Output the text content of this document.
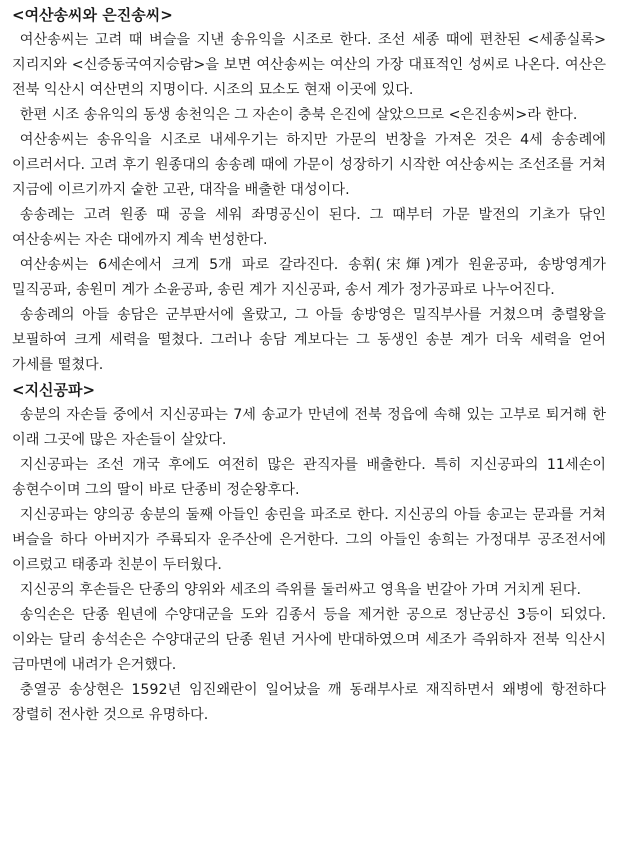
<여산송씨와 은진송씨>

여산송씨는 고려 때 벼슬을 지낸 송유익을 시조로 한다. 조선 세종 때에 편찬된 <세종실록>지리지와 <신증동국여지승람>을 보면 여산송씨는 여산의 가장 대표적인 성씨로 나온다. 여산은 전북 익산시 여산면의 지명이다. 시조의 묘소도 현재 이곳에 있다.

한편 시조 송유익의 동생 송천익은 그 자손이 충북 은진에 살았으므로 <은진송씨>라 한다.

여산송씨는 송유익을 시조로 내세우기는 하지만 가문의 번창을 가져온 것은 4세 송송례에 이르러서다. 고려 후기 원종대의 송송례 때에 가문이 성장하기 시작한 여산송씨는 조선조를 거쳐 지금에 이르기까지 숱한 고관, 대작을 배출한 대성이다.

송송례는 고려 원종 때 공을 세워 좌명공신이 된다. 그 때부터 가문 발전의 기초가 닦인 여산송씨는 자손 대에까지 계속 번성한다.

여산송씨는 6세손에서 크게 5개 파로 갈라진다. 송휘(宋煇)계가 원윤공파, 송방영계가 밀직공파, 송원미 계가 소윤공파, 송린 계가 지신공파, 송서 계가 정가공파로 나누어진다.

송송례의 아들 송담은 군부판서에 올랐고, 그 아들 송방영은 밀직부사를 거쳤으며 충렬왕을 보필하여 크게 세력을 떨쳤다. 그러나 송담 계보다는 그 동생인 송분 계가 더욱 세력을 얻어 가세를 떨쳤다.

<지신공파>

송분의 자손들 중에서 지신공파는 7세 송교가 만년에 전북 정읍에 속해 있는 고부로 퇴거해 한 이래 그곳에 많은 자손들이 살았다.

지신공파는 조선 개국 후에도 여전히 많은 관직자를 배출한다. 특히 지신공파의 11세손이 송현수이며 그의 딸이 바로 단종비 정순왕후다.

지신공파는 양의공 송분의 둘째 아들인 송린을 파조로 한다. 지신공의 아들 송교는 문과를 거쳐 벼슬을 하다 아버지가 주륙되자 운주산에 은거한다. 그의 아들인 송희는 가정대부 공조전서에 이르렀고 태종과 친분이 두터웠다.

지신공의 후손들은 단종의 양위와 세조의 즉위를 둘러싸고 영욕을 번갈아 가며 거치게 된다.

송익손은 단종 원년에 수양대군을 도와 김종서 등을 제거한 공으로 정난공신 3등이 되었다. 이와는 달리 송석손은 수양대군의 단종 원년 거사에 반대하였으며 세조가 즉위하자 전북 익산시 금마면에 내려가 은거했다.

충열공 송상현은 1592년 임진왜란이 일어났을 깨 동래부사로 재직하면서 왜병에 항전하다 장렬히 전사한 것으로 유명하다.
